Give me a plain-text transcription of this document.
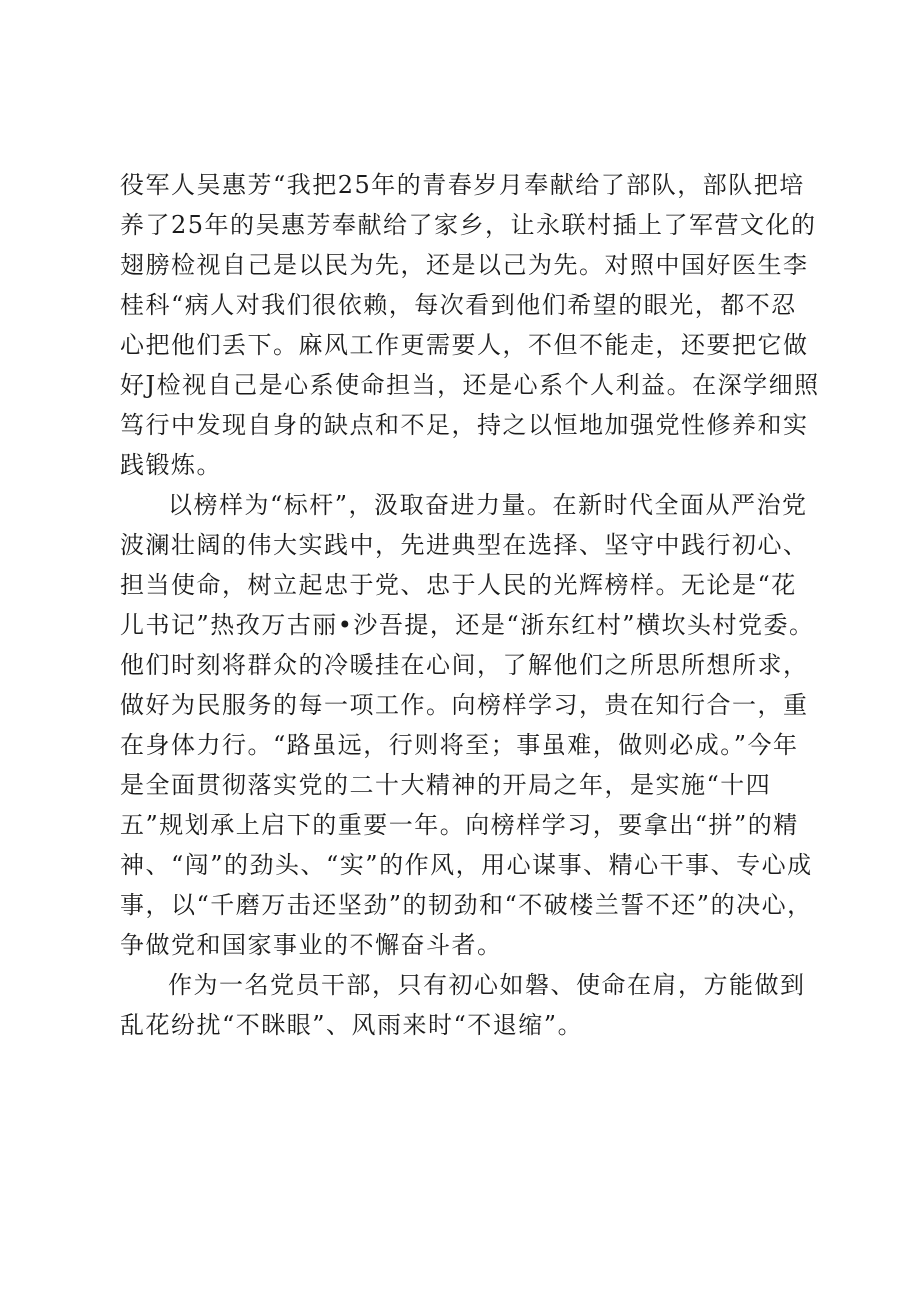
役军人吴惠芳“我把25年的青春岁月奉献给了部队，部队把培养了25年的吴惠芳奉献给了家乡，让永联村插上了军营文化的翅膀检视自己是以民为先，还是以己为先。对照中国好医生李桂科“病人对我们很依赖，每次看到他们希望的眼光，都不忍心把他们丢下。麻风工作更需要人，不但不能走，还要把它做好J检视自己是心系使命担当，还是心系个人利益。在深学细照笃行中发现自身的缺点和不足，持之以恒地加强党性修养和实践锻炼。

以榜样为“标杆”，汲取奋进力量。在新时代全面从严治党波澜壮阔的伟大实践中，先进典型在选择、坚守中践行初心、担当使命，树立起忠于党、忠于人民的光辉榜样。无论是“花儿书记”热孜万古丽•沙吾提，还是“浙东红村”横坎头村党委。他们时刻将群众的冷暖挂在心间，了解他们之所思所想所求，做好为民服务的每一项工作。向榜样学习，贵在知行合一，重在身体力行。“路虽远，行则将至；事虽难，做则必成。”今年是全面贯彻落实党的二十大精神的开局之年，是实施“十四五”规划承上启下的重要一年。向榜样学习，要拿出“拼”的精神、“闯”的劲头、“实”的作风，用心谋事、精心干事、专心成事，以“千磨万击还坚劲”的韧劲和“不破楼兰誓不还”的决心，争做党和国家事业的不懈奋斗者。

作为一名党员干部，只有初心如磐、使命在肩，方能做到乱花纷扰“不眯眼”、风雨来时“不退缩”。
